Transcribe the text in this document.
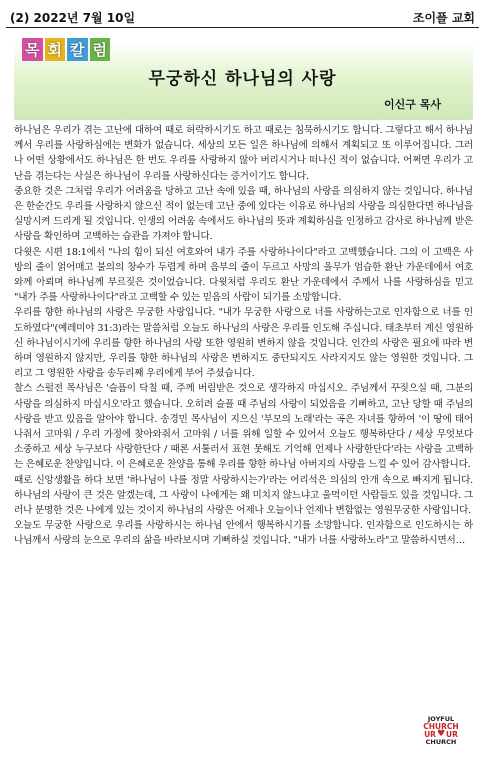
(2) 2022년 7월 10일	조이플 교회
목 회 칼 럼
무궁하신 하나님의 사랑
이신구 목사

하나님은 우리가 겪는 고난에 대하여 때로 허락하시기도 하고 때로는 침묵하시기도 합니다. 그렇다고 해서 하나님께서 우리를 사랑하심에는 변화가 없습니다. 세상의 모든 일은 하나님에 의해서 계획되고 또 이루어집니다. 그러나 어떤 상황에서도 하나님은 한 번도 우리를 사랑하지 않아 버리시거나 떠나신 적이 없습니다. 어쩌면 우리가 고난을 겪는다는 사실은 하나님이 우리를 사랑하신다는 증거이기도 합니다.

중요한 것은 그처럼 우리가 어려움을 당하고 고난 속에 있을 때, 하나님의 사랑을 의심하지 않는 것입니다. 하나님은 한순간도 우리를 사랑하지 않으신 적이 없는데 고난 중에 있다는 이유로 하나님의 사랑을 의심한다면 하나님을 실망시켜 드리게 될 것입니다. 인생의 어려움 속에서도 하나님의 뜻과 계획하심을 인정하고 감사로 하나님께 받은 사랑을 확인하며 고백하는 습관을 가져야 합니다.

다윗은 시편 18:1에서 "나의 힘이 되신 여호와여 내가 주를 사랑하나이다"라고 고백했습니다. 그의 이 고백은 사방의 줄이 얽어매고 불의의 창수가 두렵게 하며 음부의 줄이 두르고 사망의 올무가 엄습한 환난 가운데에서 여호와께 아뢰며 하나님께 부르짖은 것이었습니다. 다윗처럼 우리도 환난 가운데에서 주께서 나를 사랑하심을 믿고 "내가 주를 사랑하나이다"라고 고백할 수 있는 믿음의 사람이 되기를 소망합니다.

우리를 향한 하나님의 사랑은 무궁한 사랑입니다. "내가 무궁한 사랑으로 너를 사랑하는고로 인자함으로 너를 인도하였다"(예레미야 31:3)라는 말씀처럼 오늘도 하나님의 사랑은 우리를 인도해 주십니다. 태초부터 계신 영원하신 하나님이시기에 우리를 향한 하나님의 사랑 또한 영원히 변하지 않을 것입니다. 인간의 사랑은 필요에 따라 변하며 영원하지 않지만, 우리를 향한 하나님의 사랑은 변하지도 중단되지도 사라지지도 않는 영원한 것입니다. 그리고 그 영원한 사랑을 송두리째 우리에게 부어 주셨습니다.

찰스 스펄전 목사님은 '슬픔이 닥칠 때, 주께 버림받은 것으로 생각하지 마십시오. 주님께서 꾸짖으실 때, 그분의 사랑을 의심하지 마십시오'라고 했습니다. 오히려 슬플 때 주님의 사랑이 되었음을 기뻐하고, 고난 당할 때 주님의 사랑을 받고 있음을 알아야 합니다. 송경민 목사님이 지으신 '부모의 노래'라는 곡은 자녀를 향하여 '이 땅에 태어나줘서 고마워 / 우리 가정에 찾아와줘서 고마워 / 너를 위해 일할 수 있어서 오늘도 행복하단다 / 세상 무엇보다 소중하고 세상 누구보다 사랑한단다 / 때론 서툴러서 표현 못해도 기억해 언제나 사랑한단다'라는 사랑을 고백하는 은혜로운 찬양입니다. 이 은혜로운 찬양을 통해 우리를 향한 하나님 아버지의 사랑을 느낄 수 있어 감사합니다.

때로 신앙생활을 하다 보면 '하나님이 나를 정말 사랑하시는가'라는 어리석은 의심의 안개 속으로 빠지게 됩니다. 하나님의 사랑이 큰 것은 알겠는데, 그 사랑이 나에게는 왜 미치지 않느냐고 울먹이던 사람들도 있을 것입니다. 그러나 분명한 것은 나에게 있는 것이지 하나님의 사랑은 어제나 오늘이나 언제나 변함없는 영원무궁한 사랑입니다.

오늘도 무궁한 사랑으로 우리를 사랑하시는 하나님 안에서 행복하시기를 소망합니다. 인자함으로 인도하시는 하나님께서 사랑의 눈으로 우리의 삶을 바라보시며 기뻐하실 것입니다. "내가 너를 사랑하노라"고 말씀하시면서…

JOYFUL
CHURCH
UR ♥ UR
CHURCH
